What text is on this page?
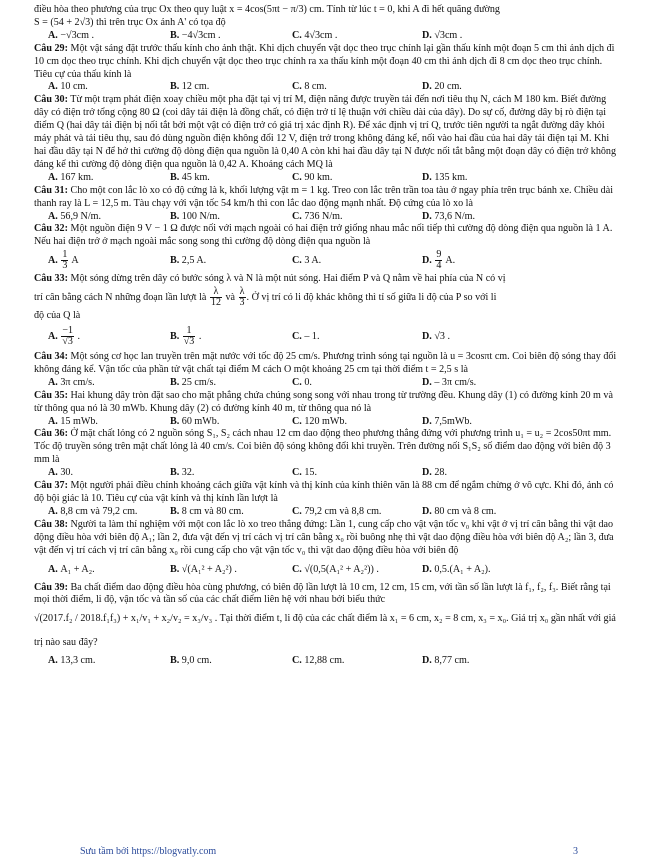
điều hòa theo phương của trục Ox theo quy luật x = 4cos(5πt − π/3) cm. Tính từ lúc t = 0, khi A đi hết quãng đường

S = (54 + 2√3) thì trên trục Ox ảnh A' có tọa độ

A. −√3cm .	B. −4√3cm .	C. 4√3cm .	D. √3cm .

Câu 29: Một vật sáng đặt trước thấu kính cho ảnh thật. Khi dịch chuyển vật dọc theo trục chính lại gần thấu kính một đoạn 5 cm thì ảnh dịch đi 10 cm dọc theo trục chính. Khi dịch chuyển vật dọc theo trục chính ra xa thấu kính một đoạn 40 cm thì ảnh dịch đi 8 cm dọc theo trục chính. Tiêu cự của thấu kính là

A. 10 cm.	B. 12 cm.	C. 8 cm.	D. 20 cm.

Câu 30: Từ một trạm phát điện xoay chiều một pha đặt tại vị trí M, điện năng được truyền tải đến nơi tiêu thụ N, cách M 180 km. Biết đường dây có điện trở tổng cộng 80 Ω (coi dây tải điện là đồng chất, có điện trở tỉ lệ thuận với chiều dài của dây). Do sự cố, đường dây bị rò điện tại điểm Q (hai dây tải điện bị nối tắt bởi một vật có điện trở có giá trị xác định R). Để xác định vị trí Q, trước tiên người ta ngắt đường dây khỏi máy phát và tải tiêu thụ, sau đó dùng nguồn điện không đổi 12 V, điện trở trong không đáng kể, nối vào hai đầu của hai dây tải điện tại M. Khi hai đầu dây tại N để hở thì cường độ dòng điện qua nguồn là 0,40 A còn khi hai đầu dây tại N được nối tắt bằng một đoạn dây có điện trở không đáng kể thì cường độ dòng điện qua nguồn là 0,42 A. Khoảng cách MQ là

A. 167 km.	B. 45 km.	C. 90 km.	D. 135 km.

Câu 31: Cho một con lắc lò xo có độ cứng là k, khối lượng vật m = 1 kg. Treo con lắc trên trần toa tàu ở ngay phía trên trục bánh xe. Chiều dài thanh ray là L = 12,5 m. Tàu chạy với vận tốc 54 km/h thì con lắc dao động mạnh nhất. Độ cứng của lò xo là

A. 56,9 N/m.	B. 100 N/m.	C. 736 N/m.	D. 73,6 N/m.

Câu 32: Một nguồn điện 9 V − 1 Ω được nối với mạch ngoài có hai điện trở giống nhau mắc nối tiếp thì cường độ dòng điện qua nguồn là 1 A. Nếu hai điện trở ở mạch ngoài mắc song song thì cường độ dòng điện qua nguồn là

A. $\frac{1}{3}$ A	B. 2,5 A.	C. 3 A.	D. $\frac{9}{4} A$.

Câu 33: Một sóng dừng trên dây có bước sóng λ và N là một nút sóng. Hai điểm P và Q nằm về hai phía của N có vị

trí cân bằng cách N những đoạn lần lượt là $\frac{\lambda}{12}$ và $\frac{\lambda}{3}$ . Ở vị trí có li độ khác không thì tỉ số giữa li độ của P so với li

độ của Q là

A. $\frac{-1}{√3}$ .	B. $\frac{1}{√3}$ .	C. – 1.	D. √3 .

Câu 34: Một sóng cơ học lan truyền trên mặt nước với tốc độ 25 cm/s. Phương trình sóng tại nguồn là u = 3cosπt cm. Coi biên độ sóng thay đổi không đáng kể. Vận tốc của phần tử vật chất tại điểm M cách O một khoảng 25 cm tại thời điểm t = 2,5 s là

A. 3π cm/s.	B. 25 cm/s.	C. 0.	D. – 3π cm/s.

Câu 35: Hai khung dây tròn đặt sao cho mặt phẳng chứa chúng song song với nhau trong từ trường đều. Khung dây (1) có đường kính 20 m và từ thông qua nó là 30 mWb. Khung dây (2) có đường kính 40 m, từ thông qua nó là

A. 15 mWb.	B. 60 mWb.	C. 120 mWb.	D. 7,5mWb.

Câu 36: Ở mặt chất lỏng có 2 nguồn sóng S₁, S₂ cách nhau 12 cm dao động theo phương thẳng đứng với phương trình u₁ = u₂ = 2cos50πt mm. Tốc độ truyền sóng trên mặt chất lỏng là 40 cm/s. Coi biên độ sóng không đổi khi truyền. Trên đường nối S₁S₂ số điểm dao động với biên độ 3 mm là

A. 30.	B. 32.	C. 15.	D. 28.

Câu 37: Một người phải điều chỉnh khoảng cách giữa vật kính và thị kính của kính thiên văn là 88 cm để ngắm chừng ở vô cực. Khi đó, ảnh có độ bội giác là 10. Tiêu cự của vật kính và thị kính lần lượt là

A. 8,8 cm và 79,2 cm.	B. 8 cm và 80 cm.	C. 79,2 cm và 8,8 cm.	D. 80 cm và 8 cm.

Câu 38: Người ta làm thí nghiệm với một con lắc lò xo treo thẳng đứng: Lần 1, cung cấp cho vật vận tốc v₀ khi vật ở vị trí cân bằng thì vật dao động điều hòa với biên độ A₁; lần 2, đưa vật đến vị trí cách vị trí cân bằng x₀ rồi buông nhẹ thì vật dao động điều hòa với biên độ A₂; lần 3, đưa vật đến vị trí cách vị trí cân bằng x₀ rồi cung cấp cho vật vận tốc v₀ thì vật dao động điều hòa với biên độ

A. A₁ + A₂.	B. √(A₁² + A₂²) .	C. √(0,5(A₁² + A₂²)) .	D. 0,5.(A₁ + A₂).

Câu 39: Ba chất điểm dao động điều hòa cùng phương, có biên độ lần lượt là 10 cm, 12 cm, 15 cm, với tần số lần lượt là f₁, f₂, f₃. Biết rằng tại mọi thời điểm, li độ, vận tốc và tần số của các chất điểm liên hệ với nhau bởi biểu thức

√(2017.f₂ / 2018.f₁f₃) + x₁/v₁ + x₂/v₂ = x₃/v₃ . Tại thời điểm t, li độ của các chất điểm là x₁ = 6 cm, x₂ = 8 cm, x₃ = x₀. Giá trị x₀ gần nhất với giá trị nào sau đây?

A. 13,3 cm.	B. 9,0 cm.	C. 12,88 cm.	D. 8,77 cm.
Sưu tầm bởi https://blogvatly.com	3
